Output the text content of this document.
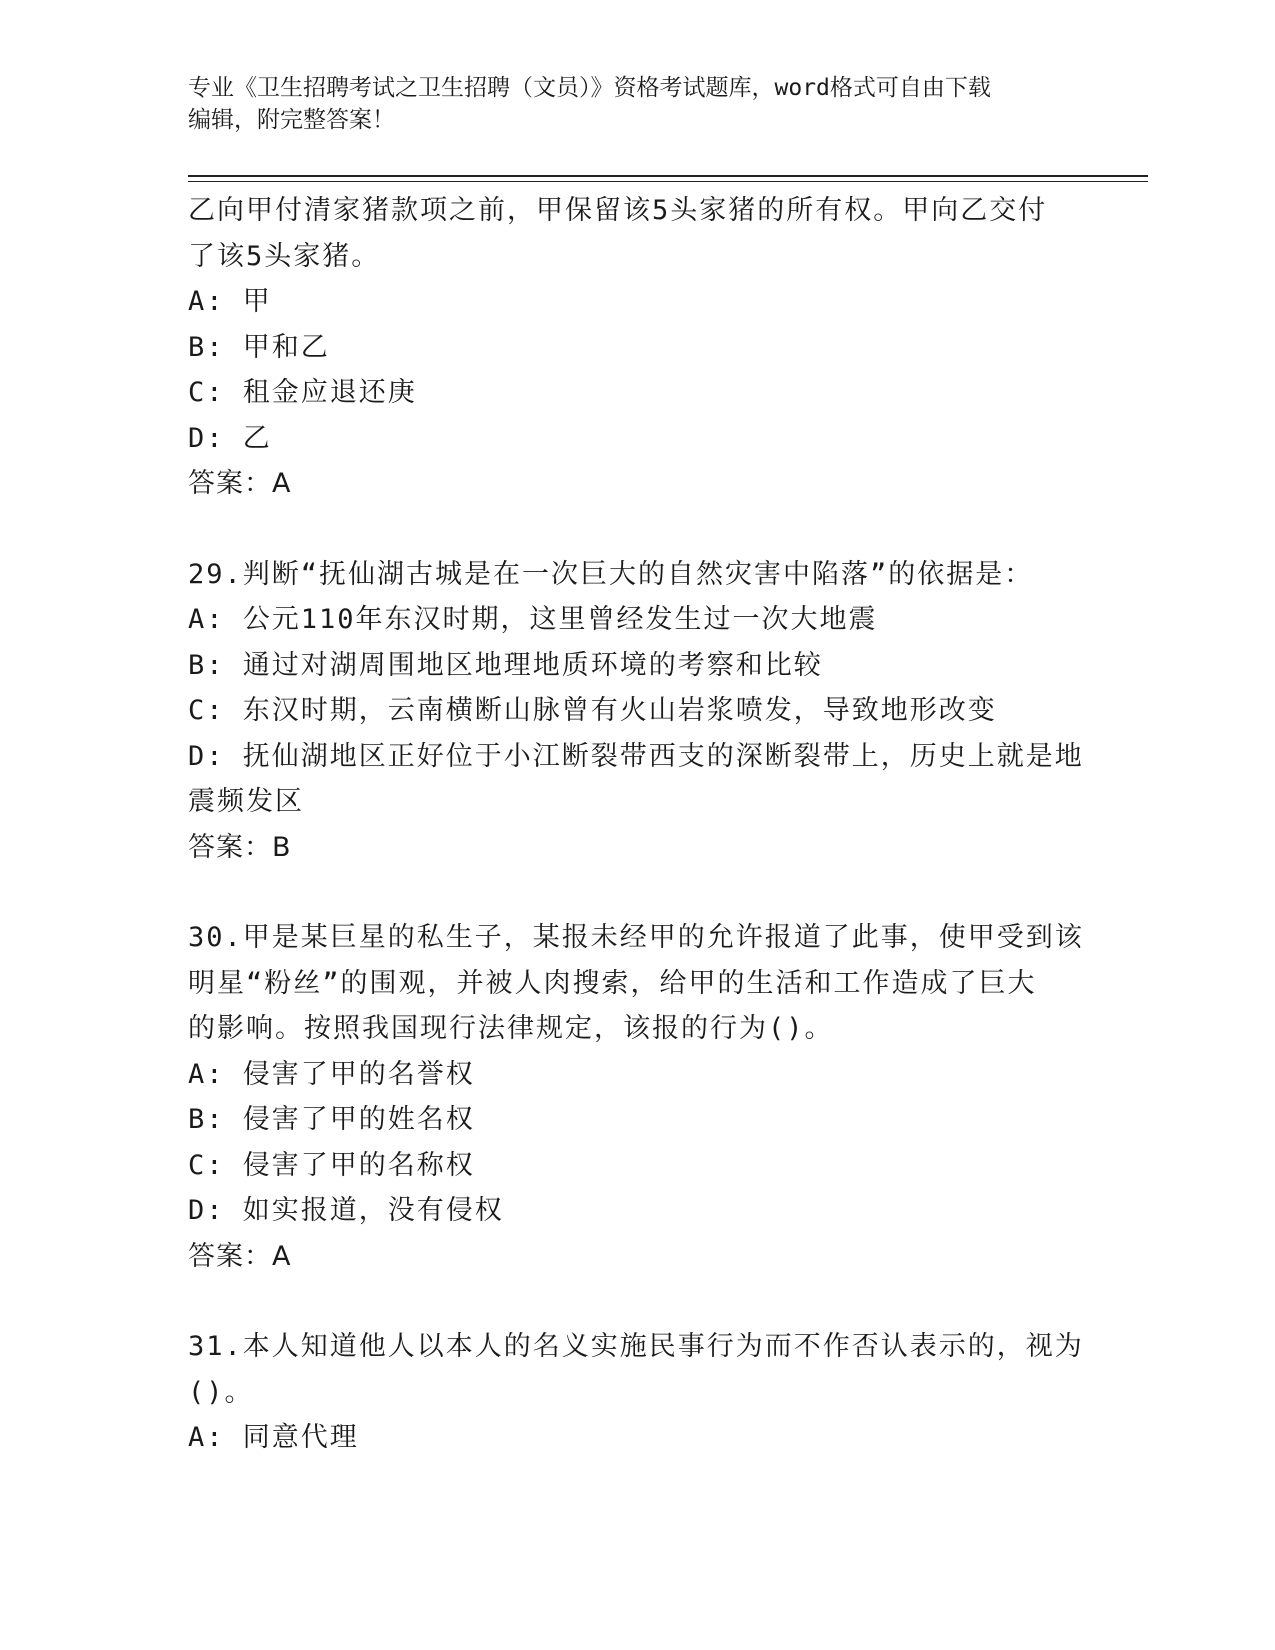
专业《卫生招聘考试之卫生招聘（文员）》资格考试题库，word格式可自由下载
编辑，附完整答案！
乙向甲付清家猪款项之前，甲保留该5头家猪的所有权。甲向乙交付
了该5头家猪。
A: 甲
B: 甲和乙
C: 租金应退还庚
D: 乙
答案：A
29.判断“抚仙湖古城是在一次巨大的自然灾害中陷落”的依据是：
A: 公元110年东汉时期，这里曾经发生过一次大地震
B: 通过对湖周围地区地理地质环境的考察和比较
C: 东汉时期，云南横断山脉曾有火山岩浆喷发，导致地形改变
D: 抚仙湖地区正好位于小江断裂带西支的深断裂带上，历史上就是地
震频发区
答案：B
30.甲是某巨星的私生子，某报未经甲的允许报道了此事，使甲受到该
明星“粉丝”的围观，并被人肉搜索，给甲的生活和工作造成了巨大
的影响。按照我国现行法律规定，该报的行为()。
A: 侵害了甲的名誉权
B: 侵害了甲的姓名权
C: 侵害了甲的名称权
D: 如实报道，没有侵权
答案：A
31.本人知道他人以本人的名义实施民事行为而不作否认表示的，视为
()。
A: 同意代理
